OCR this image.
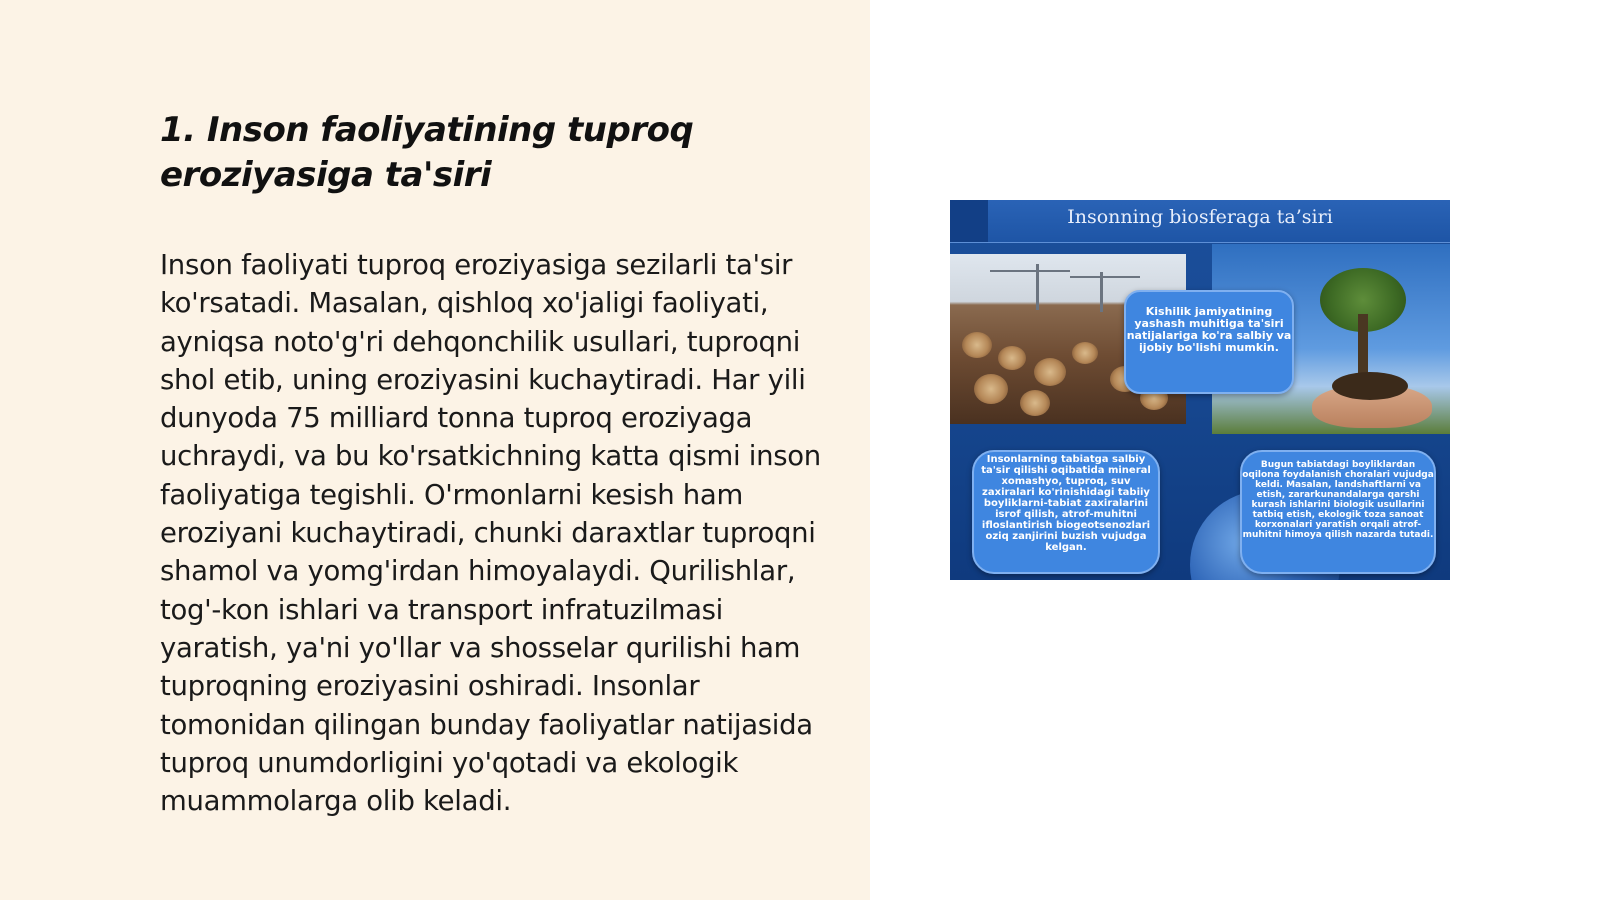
1. Inson faoliyatining tuproq eroziyasiga ta'siri

Inson faoliyati tuproq eroziyasiga sezilarli ta'sir ko'rsatadi. Masalan, qishloq xo'jaligi faoliyati, ayniqsa noto'g'ri dehqonchilik usullari, tuproqni shol etib, uning eroziyasini kuchaytiradi. Har yili dunyoda 75 milliard tonna tuproq eroziyaga uchraydi, va bu ko'rsatkichning katta qismi inson faoliyatiga tegishli. O'rmonlarni kesish ham eroziyani kuchaytiradi, chunki daraxtlar tuproqni shamol va yomg'irdan himoyalaydi. Qurilishlar, tog'-kon ishlari va transport infratuzilmasi yaratish, ya'ni yo'llar va shosselar qurilishi ham tuproqning eroziyasini oshiradi. Insonlar tomonidan qilingan bunday faoliyatlar natijasida tuproq unumdorligini yo'qotadi va ekologik muammolarga olib keladi.

Insonning biosferaga ta’siri
Kishilik jamiyatining yashash muhitiga ta'siri natijalariga ko'ra salbiy va ijobiy bo'lishi mumkin.
Insonlarning tabiatga salbiy ta'sir qilishi oqibatida mineral xomashyo, tuproq, suv zaxiralari ko'rinishidagi tabiiy boyliklarni-tabiat zaxiralarini isrof qilish, atrof-muhitni ifloslantirish biogeotsenozlari oziq zanjirini buzish vujudga kelgan.
Bugun tabiatdagi boyliklardan oqilona foydalanish choralari vujudga keldi. Masalan, landshaftlarni va etish, zararkunandalarga qarshi kurash ishlarini biologik usullarini tatbiq etish, ekologik toza sanoat korxonalari yaratish orqali atrof-muhitni himoya qilish nazarda tutadi.
